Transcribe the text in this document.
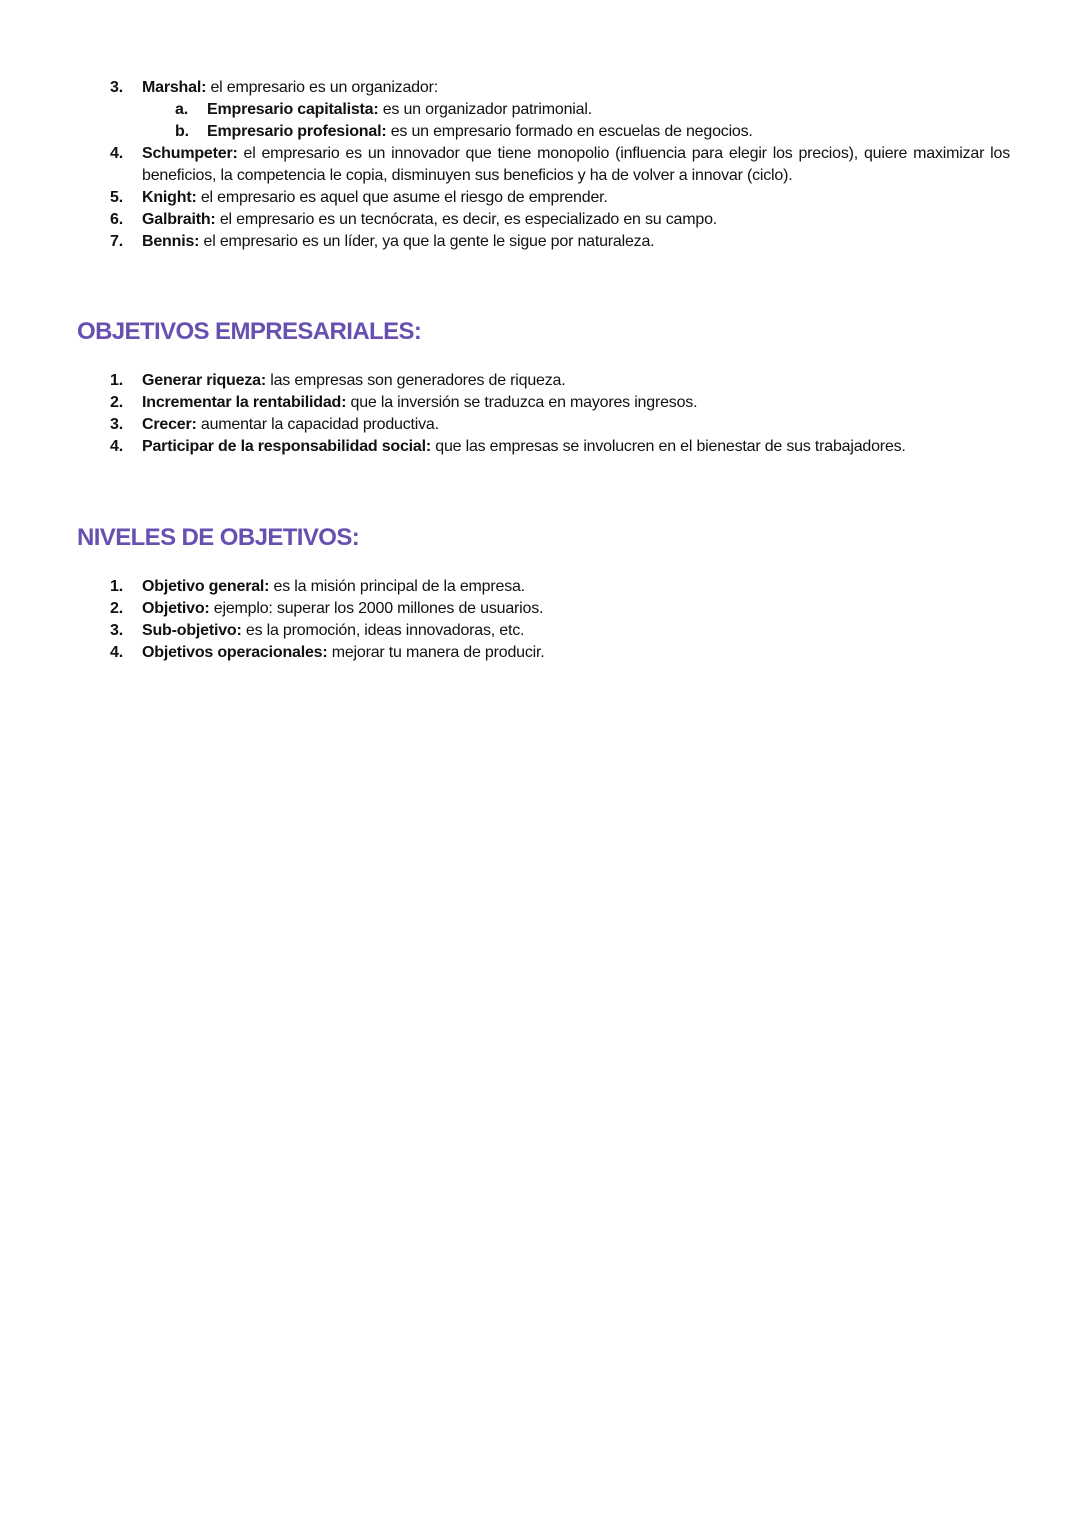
3.	Marshal: el empresario es un organizador:
a.	Empresario capitalista: es un organizador patrimonial.
b.	Empresario profesional: es un empresario formado en escuelas de negocios.
4.	Schumpeter: el empresario es un innovador que tiene monopolio (influencia para elegir los precios), quiere maximizar los beneficios, la competencia le copia, disminuyen sus beneficios y ha de volver a innovar (ciclo).
5.	Knight: el empresario es aquel que asume el riesgo de emprender.
6.	Galbraith: el empresario es un tecnócrata, es decir, es especializado en su campo.
7.	Bennis: el empresario es un líder, ya que la gente le sigue por naturaleza.
OBJETIVOS EMPRESARIALES:
1.	Generar riqueza: las empresas son generadores de riqueza.
2.	Incrementar la rentabilidad: que la inversión se traduzca en mayores ingresos.
3.	Crecer: aumentar la capacidad productiva.
4.	Participar de la responsabilidad social: que las empresas se involucren en el bienestar de sus trabajadores.
NIVELES DE OBJETIVOS:
1.	Objetivo general: es la misión principal de la empresa.
2.	Objetivo: ejemplo: superar los 2000 millones de usuarios.
3.	Sub-objetivo: es la promoción, ideas innovadoras, etc.
4.	Objetivos operacionales: mejorar tu manera de producir.
